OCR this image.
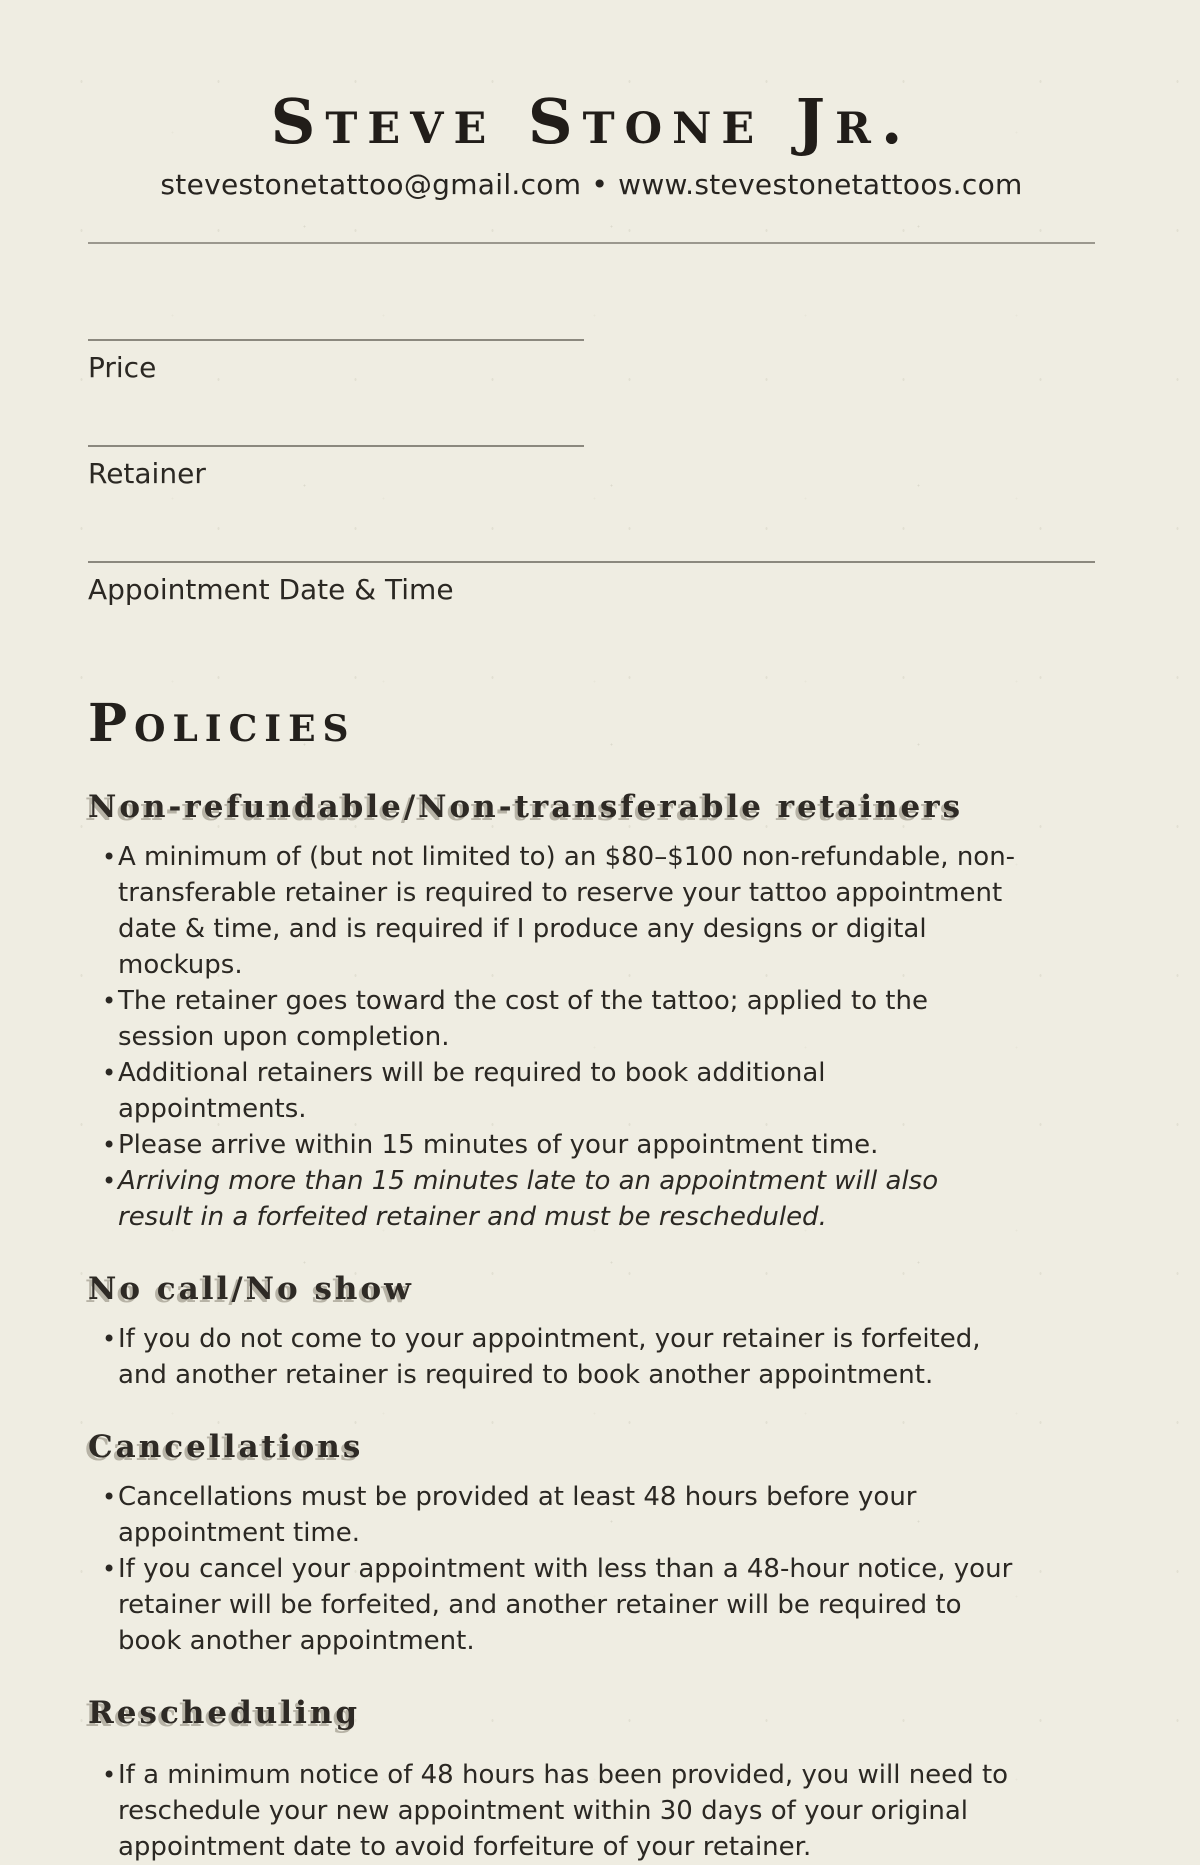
Steve Stone Jr.

stevestonetattoo@gmail.com • www.stevestonetattoos.com

Price
Retainer
Appointment Date & Time
Policies
Non-refundable/Non-transferable retainers
• A minimum of (but not limited to) an $80–$100 non-refundable, non-transferable retainer is required to reserve your tattoo appointment date & time, and is required if I produce any designs or digital mockups.
• The retainer goes toward the cost of the tattoo; applied to the session upon completion.
• Additional retainers will be required to book additional appointments.
• Please arrive within 15 minutes of your appointment time.
• Arriving more than 15 minutes late to an appointment will also result in a forfeited retainer and must be rescheduled.
No call/No show
• If you do not come to your appointment, your retainer is forfeited, and another retainer is required to book another appointment.
Cancellations
• Cancellations must be provided at least 48 hours before your appointment time.
• If you cancel your appointment with less than a 48-hour notice, your retainer will be forfeited, and another retainer will be required to book another appointment.
Rescheduling
• If a minimum notice of 48 hours has been provided, you will need to reschedule your new appointment within 30 days of your original appointment date to avoid forfeiture of your retainer.
